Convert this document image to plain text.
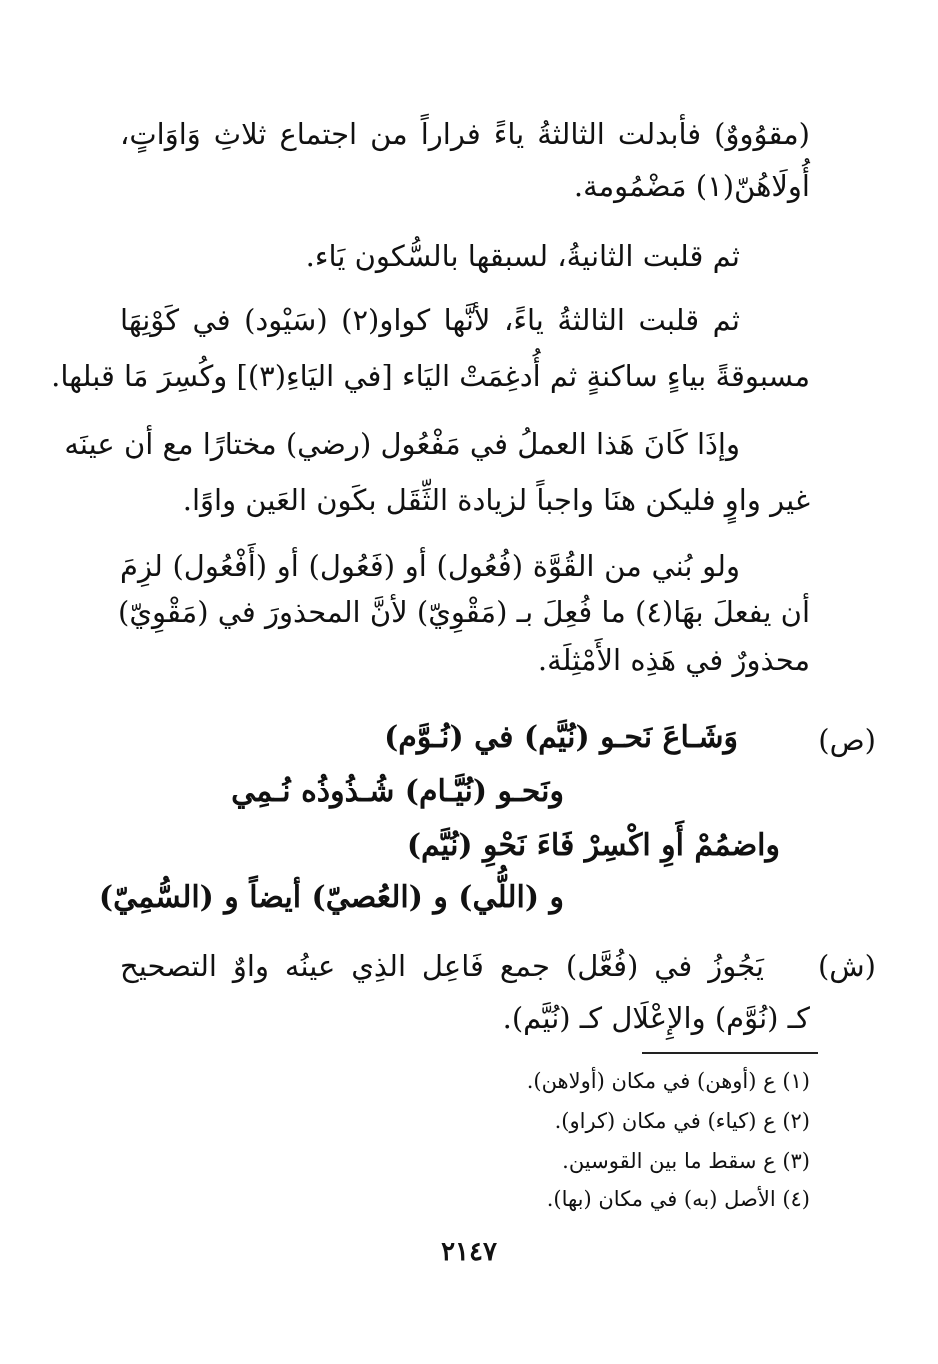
(مقوُووٌ) فأبدلت الثالثةُ ياءً فراراً من اجتماع ثلاثِ وَاوَاتٍ،
أُولَاهُنّ(١) مَضْمُومة.
ثم قلبت الثانيةُ، لسبقها بالسُّكون يَاء.
ثم قلبت الثالثةُ ياءً، لأنَّها كواو(٢) (سَيْود) في كَوْنِهَا
مسبوقةً بياءٍ ساكنةٍ ثم أُدغِمَتْ اليَاء [في اليَاءِ(٣)] وكُسِرَ مَا قبلها.
وإذَا كَانَ هَذا العملُ في مَفْعُول (رضي) مختارًا مع أن عينَه
غير واوٍ فليكن هنَا واجباً لزيادة الثِّقَل بكَون العَين واوًا.
ولو بُني من القُوَّة (فُعُول) أو (فَعُول) أو (أَفْعُول) لزِمَ
أن يفعلَ بهَا(٤) ما فُعِلَ بـ (مَقْوِيّ) لأنَّ المحذورَ في (مَقْوِيّ)
محذورٌ في هَذِه الأَمْثِلَة.
(ص)
وَشَـاعَ نَحـو (نُيَّم) في (نُـوَّم)
ونَحـو (نُيَّـام) شُـذُوذُه نُـمِي
واضمُمْ أَوِ اكْسِرْ فَاءَ نَحْوِ (نُيَّم)
و (اللُّي) و (العُصيّ) أيضاً و (السُّمِيّ)
(ش)
يَجُوزُ في (فُعَّل) جمع فَاعِل الذِي عينُه واوٌ التصحيح
كـ (نُوَّم) والإِعْلَال كـ (نُيَّم).
(١) ع (أوهن) في مكان (أولاهن).
(٢) ع (كياء) في مكان (كراو).
(٣) ع سقط ما بين القوسين.
(٤) الأصل (به) في مكان (بها).
٢١٤٧
